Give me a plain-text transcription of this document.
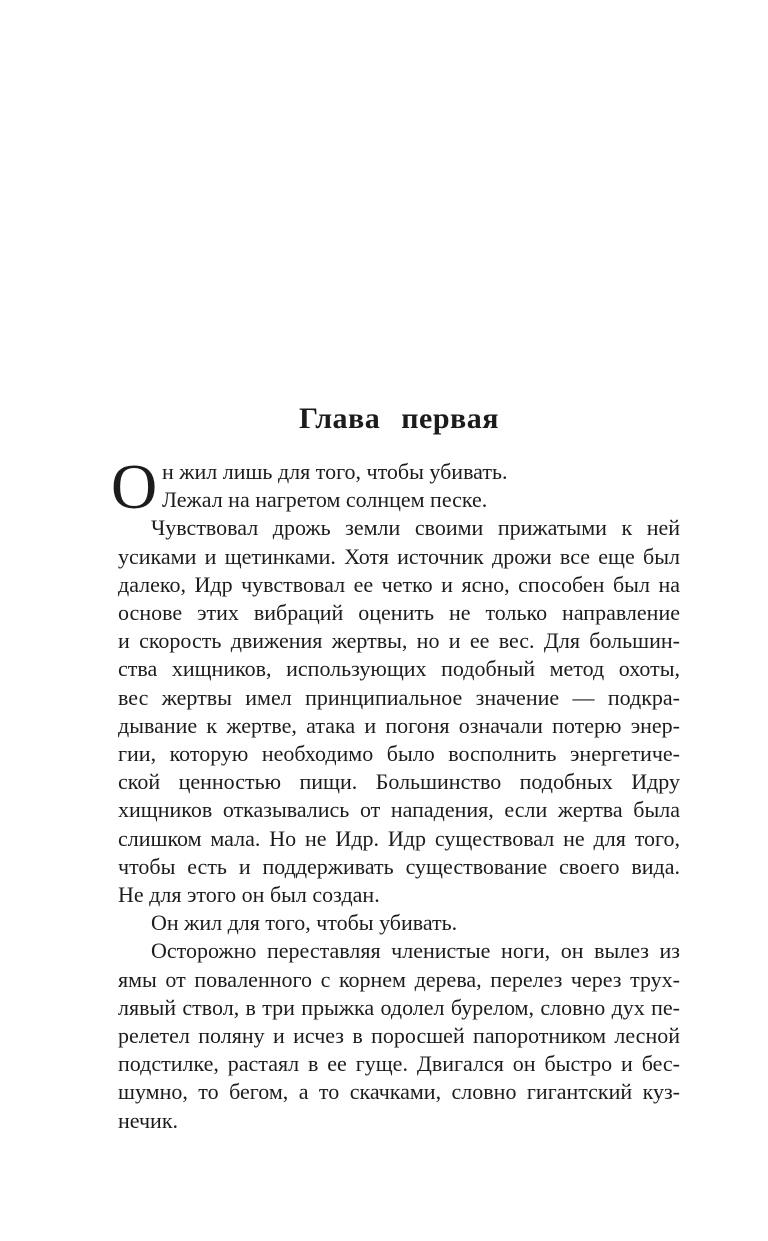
Глава первая
О н жил лишь для того, чтобы убивать.
Лежал на нагретом солнцем песке.
Чувствовал дрожь земли своими прижатыми к ней
усиками и щетинками. Хотя источник дрожи все еще был
далеко, Идр чувствовал ее четко и ясно, способен был на
основе этих вибраций оценить не только направление
и скорость движения жертвы, но и ее вес. Для большин-
ства хищников, использующих подобный метод охоты,
вес жертвы имел принципиальное значение — подкра-
дывание к жертве, атака и погоня означали потерю энер-
гии, которую необходимо было восполнить энергетиче-
ской ценностью пищи. Большинство подобных Идру
хищников отказывались от нападения, если жертва была
слишком мала. Но не Идр. Идр существовал не для того,
чтобы есть и поддерживать существование своего вида.
Не для этого он был создан.
Он жил для того, чтобы убивать.
Осторожно переставляя членистые ноги, он вылез из
ямы от поваленного с корнем дерева, перелез через трух-
лявый ствол, в три прыжка одолел бурелом, словно дух пе-
релетел поляну и исчез в поросшей папоротником лесной
подстилке, растаял в ее гуще. Двигался он быстро и бес-
шумно, то бегом, а то скачками, словно гигантский куз-
нечик.
